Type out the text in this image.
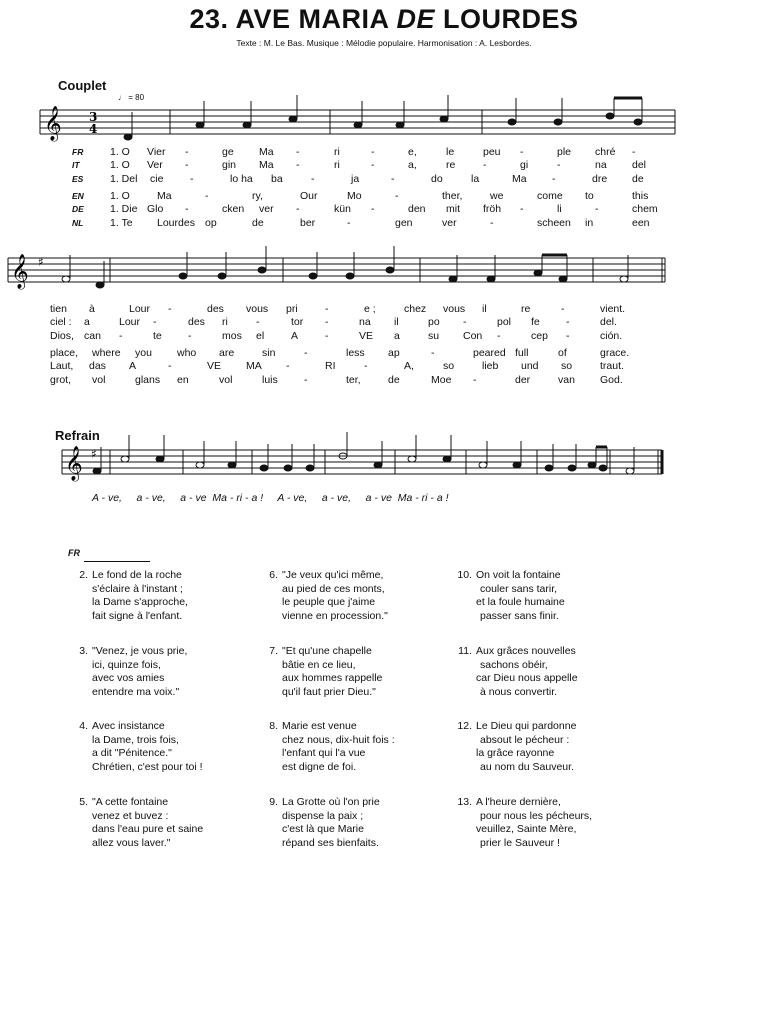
23. AVE MARIA DE LOURDES
Texte : M. Le Bas. Musique : Mélodie populaire. Harmonisation : A. Lesbordes.
Couplet
♩ = 80
𝄞 3
4
𝄞 ♯
𝄞 ♯
FR	1. O Vier -	ge Ma -	ri	-	e,	le	peu -	ple chré -
IT	1. O Ver -	gin Ma -	ri	-	a,	re	-	gi	-	na del
ES	1. Del cie	-	lo ha ba	-	ja	-	do	la	Ma -	dre de
EN 1. O	Ma	-	ry,	Our	Mo	-	ther,	we	come to	this
DE 1. Die Glo -	cken ver -	kün -	den mit fröh -	li	-	chem
NL	1. Te Lourdes op	de	ber	-	gen	ver	-	scheen in	een
tien à	Lour -	des vous pri	-	e ;	chez vous il	re	-	vient.
ciel : a	Lour -	des ri	-	tor -	na il	po -	pol fe -	del.
Dios, can -	te -	mos el	A	-	VE a	su Con -	cep -	ción.
place, where you who are	sin	-	less ap	-	peared full	of	grace.
Laut, das A	-	VE MA -	RI	-	A,	so	lieb und so	traut.
grot, vol	glans en	vol	luis -	ter,	de	Moe -	der	van God.
Refrain
A - ve,     a - ve,     a - ve  Ma - ri - a !     A - ve,     a - ve,     a - ve  Ma - ri - a !
FR
2. Le fond de la roche
s'éclaire à l'instant ;
la Dame s'approche,
fait signe à l'enfant.
3. "Venez, je vous prie,
ici, quinze fois,
avec vos amies
entendre ma voix."
4. Avec insistance
la Dame, trois fois,
a dit "Pénitence."
Chrétien, c'est pour toi !
5. "A cette fontaine
venez et buvez :
dans l'eau pure et saine
allez vous laver."
6. "Je veux qu'ici même,
au pied de ces monts,
le peuple que j'aime
vienne en procession."
7. "Et qu'une chapelle
bâtie en ce lieu,
aux hommes rappelle
qu'il faut prier Dieu."
8. Marie est venue
chez nous, dix-huit fois :
l'enfant qui l'a vue
est digne de foi.
9. La Grotte où l'on prie
dispense la paix ;
c'est là que Marie
répand ses bienfaits.
10. On voit la fontaine
couler sans tarir,
et la foule humaine
passer sans finir.
11. Aux grâces nouvelles
sachons obéir,
car Dieu nous appelle
à nous convertir.
12. Le Dieu qui pardonne
absout le pécheur :
la grâce rayonne
au nom du Sauveur.
13. A l'heure dernière,
pour nous les pécheurs,
veuillez, Sainte Mère,
prier le Sauveur !
